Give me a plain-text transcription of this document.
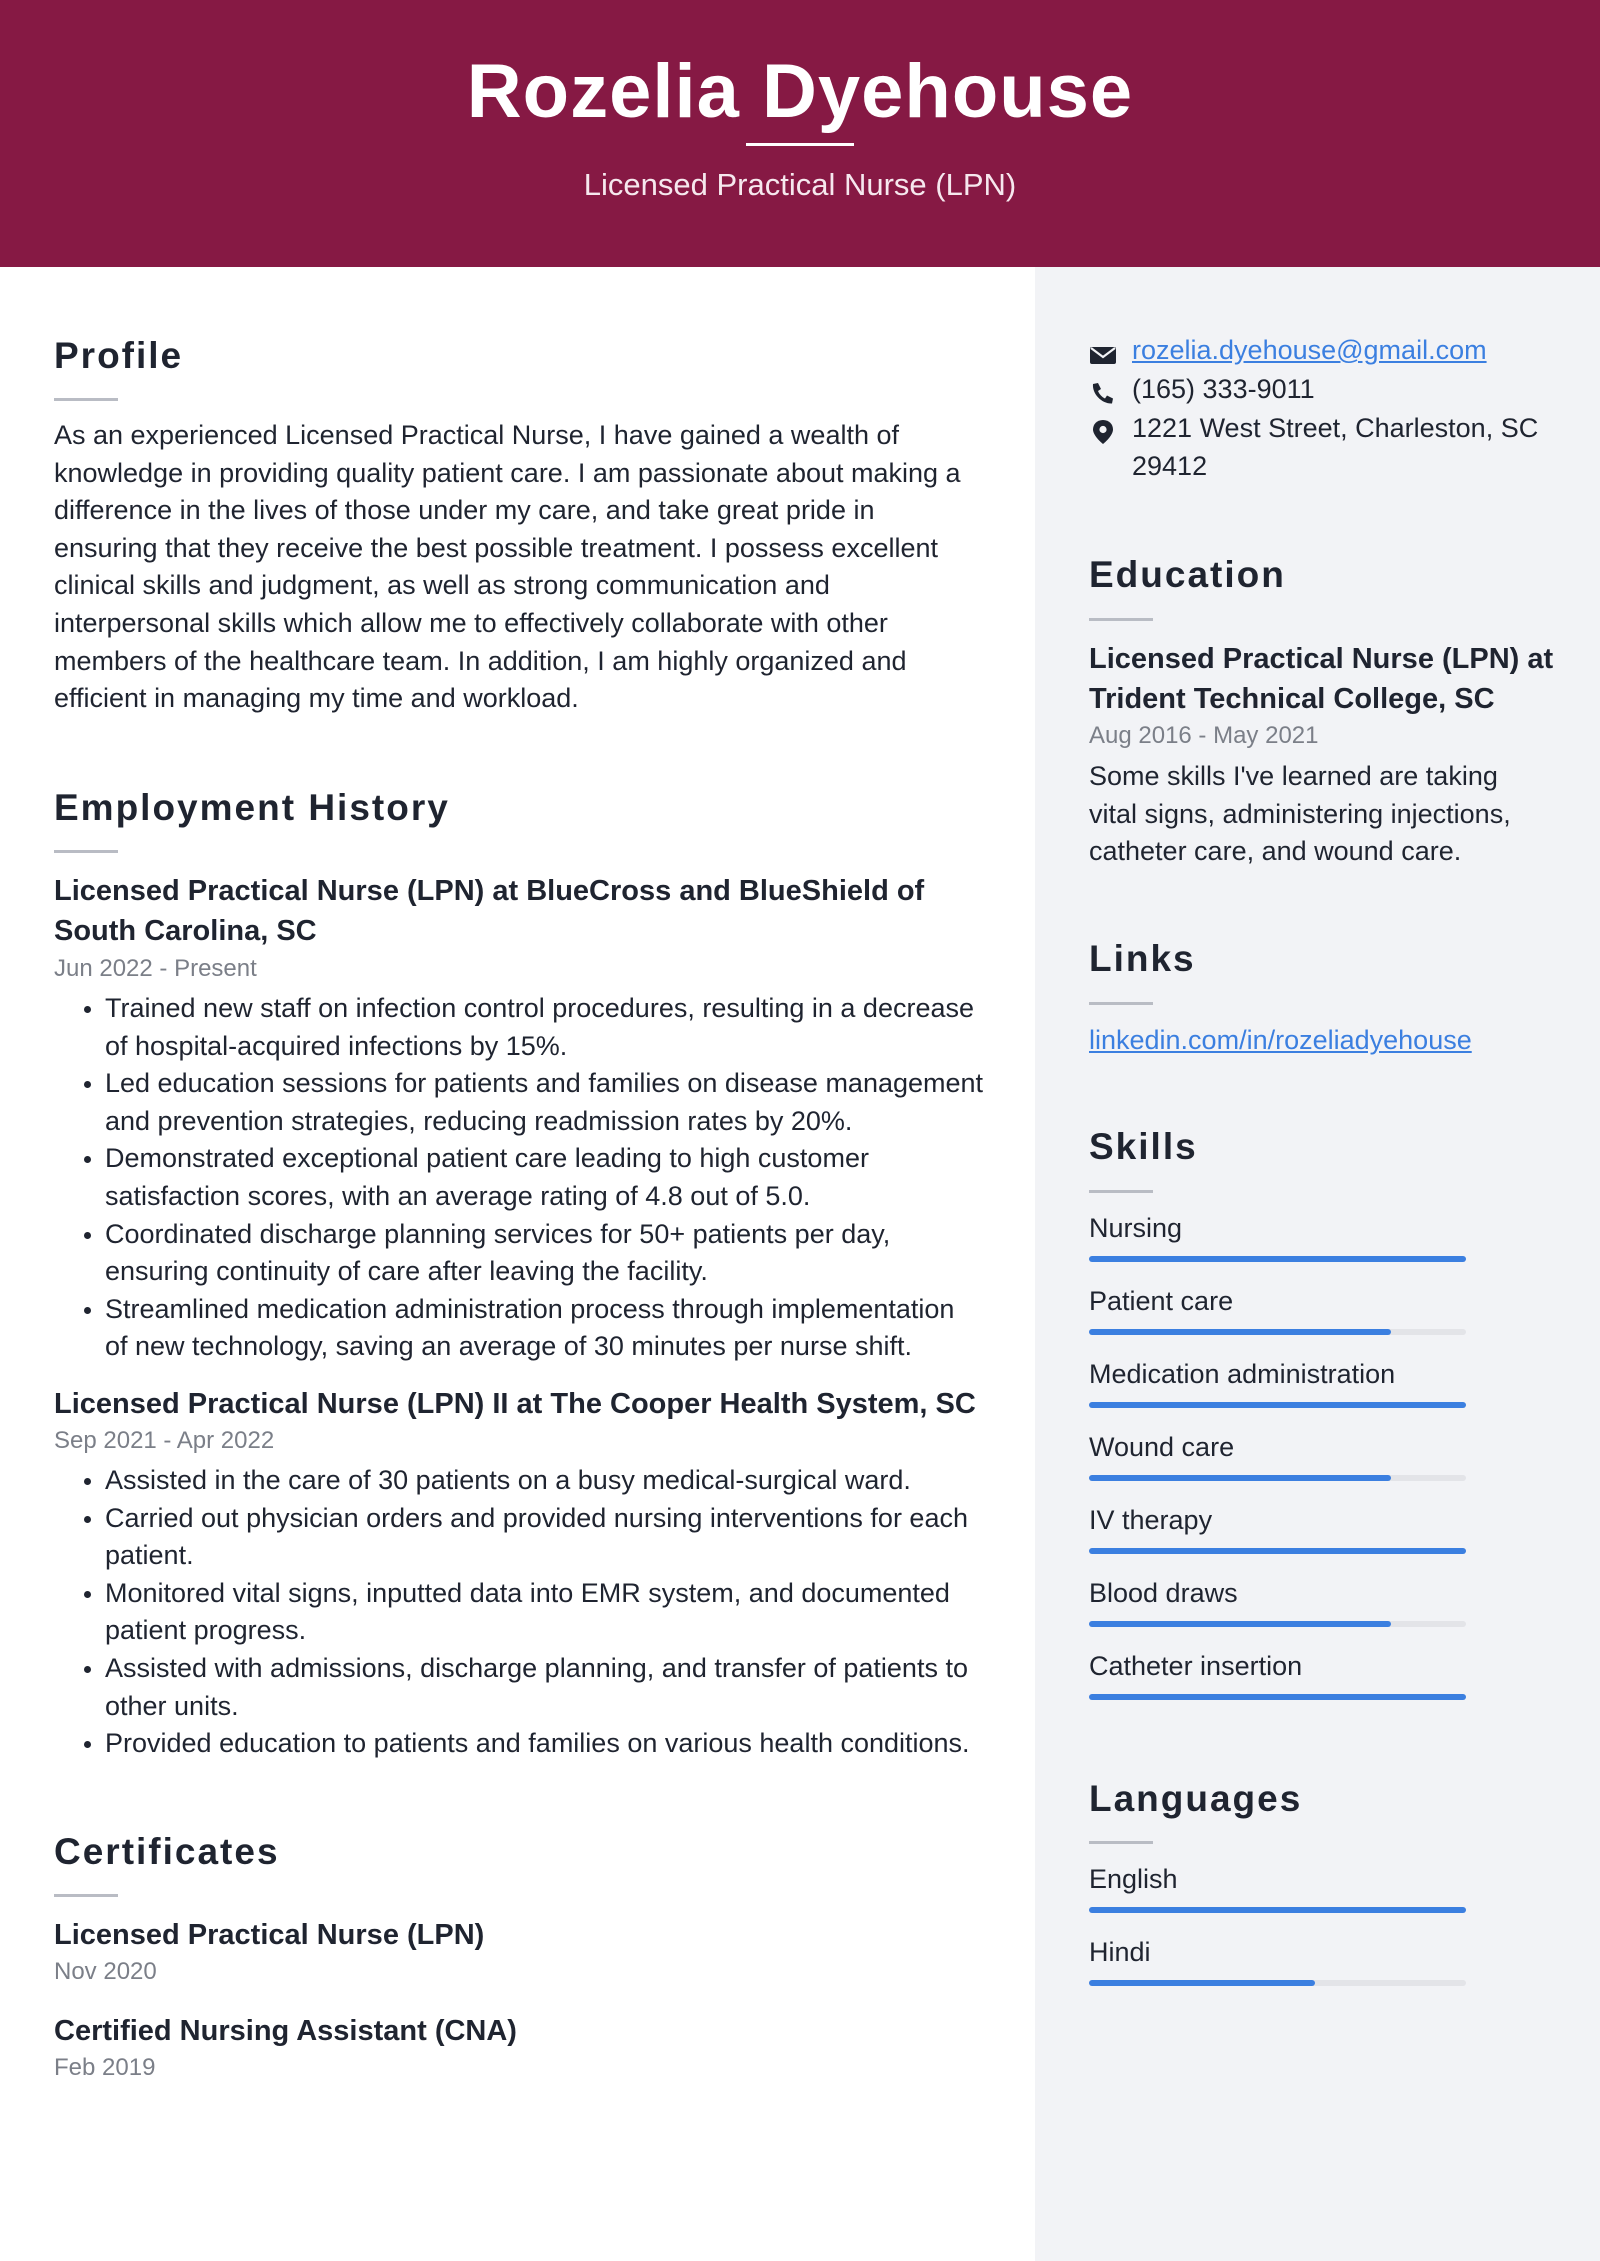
Rozelia Dyehouse
Licensed Practical Nurse (LPN)
Profile
As an experienced Licensed Practical Nurse, I have gained a wealth of knowledge in providing quality patient care. I am passionate about making a difference in the lives of those under my care, and take great pride in ensuring that they receive the best possible treatment. I possess excellent clinical skills and judgment, as well as strong communication and interpersonal skills which allow me to effectively collaborate with other members of the healthcare team. In addition, I am highly organized and efficient in managing my time and workload.
Employment History
Licensed Practical Nurse (LPN) at BlueCross and BlueShield of South Carolina, SC
Jun 2022 - Present
Trained new staff on infection control procedures, resulting in a decrease of hospital-acquired infections by 15%.
Led education sessions for patients and families on disease management and prevention strategies, reducing readmission rates by 20%.
Demonstrated exceptional patient care leading to high customer satisfaction scores, with an average rating of 4.8 out of 5.0.
Coordinated discharge planning services for 50+ patients per day, ensuring continuity of care after leaving the facility.
Streamlined medication administration process through implementation of new technology, saving an average of 30 minutes per nurse shift.
Licensed Practical Nurse (LPN) II at The Cooper Health System, SC
Sep 2021 - Apr 2022
Assisted in the care of 30 patients on a busy medical-surgical ward.
Carried out physician orders and provided nursing interventions for each patient.
Monitored vital signs, inputted data into EMR system, and documented patient progress.
Assisted with admissions, discharge planning, and transfer of patients to other units.
Provided education to patients and families on various health conditions.
Certificates
Licensed Practical Nurse (LPN)
Nov 2020
Certified Nursing Assistant (CNA)
Feb 2019
rozelia.dyehouse@gmail.com
(165) 333-9011
1221 West Street, Charleston, SC 29412
Education
Licensed Practical Nurse (LPN) at Trident Technical College, SC
Aug 2016 - May 2021
Some skills I've learned are taking vital signs, administering injections, catheter care, and wound care.
Links
linkedin.com/in/rozeliadyehouse
Skills
Nursing
Patient care
Medication administration
Wound care
IV therapy
Blood draws
Catheter insertion
Languages
English
Hindi
